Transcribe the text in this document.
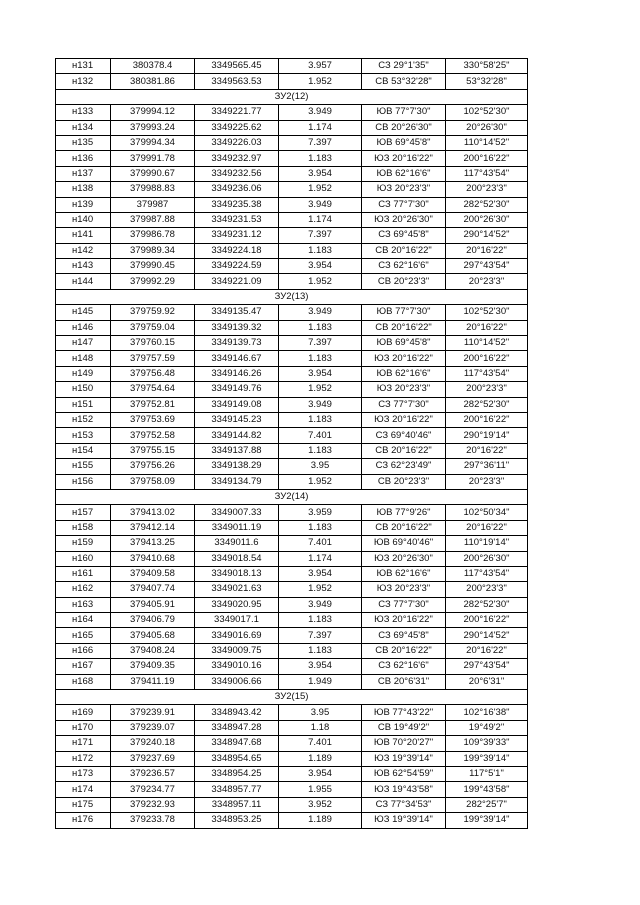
н131	380378.4	3349565.45	3.957	СЗ 29°1'35"	330°58'25"
н132	380381.86	3349563.53	1.952	СВ 53°32'28"	53°32'28"
ЗУ2(12)					
н133	379994.12	3349221.77	3.949	ЮВ 77°7'30"	102°52'30"
н134	379993.24	3349225.62	1.174	СВ 20°26'30"	20°26'30"
н135	379994.34	3349226.03	7.397	ЮВ 69°45'8"	110°14'52"
н136	379991.78	3349232.97	1.183	ЮЗ 20°16'22"	200°16'22"
н137	379990.67	3349232.56	3.954	ЮВ 62°16'6"	117°43'54"
н138	379988.83	3349236.06	1.952	ЮЗ 20°23'3"	200°23'3"
н139	379987	3349235.38	3.949	СЗ 77°7'30"	282°52'30"
н140	379987.88	3349231.53	1.174	ЮЗ 20°26'30"	200°26'30"
н141	379986.78	3349231.12	7.397	СЗ 69°45'8"	290°14'52"
н142	379989.34	3349224.18	1.183	СВ 20°16'22"	20°16'22"
н143	379990.45	3349224.59	3.954	СЗ 62°16'6"	297°43'54"
н144	379992.29	3349221.09	1.952	СВ 20°23'3"	20°23'3"
ЗУ2(13)					
н145	379759.92	3349135.47	3.949	ЮВ 77°7'30"	102°52'30"
н146	379759.04	3349139.32	1.183	СВ 20°16'22"	20°16'22"
н147	379760.15	3349139.73	7.397	ЮВ 69°45'8"	110°14'52"
н148	379757.59	3349146.67	1.183	ЮЗ 20°16'22"	200°16'22"
н149	379756.48	3349146.26	3.954	ЮВ 62°16'6"	117°43'54"
н150	379754.64	3349149.76	1.952	ЮЗ 20°23'3"	200°23'3"
н151	379752.81	3349149.08	3.949	СЗ 77°7'30"	282°52'30"
н152	379753.69	3349145.23	1.183	ЮЗ 20°16'22"	200°16'22"
н153	379752.58	3349144.82	7.401	СЗ 69°40'46"	290°19'14"
н154	379755.15	3349137.88	1.183	СВ 20°16'22"	20°16'22"
н155	379756.26	3349138.29	3.95	СЗ 62°23'49"	297°36'11"
н156	379758.09	3349134.79	1.952	СВ 20°23'3"	20°23'3"
ЗУ2(14)					
н157	379413.02	3349007.33	3.959	ЮВ 77°9'26"	102°50'34"
н158	379412.14	3349011.19	1.183	СВ 20°16'22"	20°16'22"
н159	379413.25	3349011.6	7.401	ЮВ 69°40'46"	110°19'14"
н160	379410.68	3349018.54	1.174	ЮЗ 20°26'30"	200°26'30"
н161	379409.58	3349018.13	3.954	ЮВ 62°16'6"	117°43'54"
н162	379407.74	3349021.63	1.952	ЮЗ 20°23'3"	200°23'3"
н163	379405.91	3349020.95	3.949	СЗ 77°7'30"	282°52'30"
н164	379406.79	3349017.1	1.183	ЮЗ 20°16'22"	200°16'22"
н165	379405.68	3349016.69	7.397	СЗ 69°45'8"	290°14'52"
н166	379408.24	3349009.75	1.183	СВ 20°16'22"	20°16'22"
н167	379409.35	3349010.16	3.954	СЗ 62°16'6"	297°43'54"
н168	379411.19	3349006.66	1.949	СВ 20°6'31"	20°6'31"
ЗУ2(15)					
н169	379239.91	3348943.42	3.95	ЮВ 77°43'22"	102°16'38"
н170	379239.07	3348947.28	1.18	СВ 19°49'2"	19°49'2"
н171	379240.18	3348947.68	7.401	ЮВ 70°20'27"	109°39'33"
н172	379237.69	3348954.65	1.189	ЮЗ 19°39'14"	199°39'14"
н173	379236.57	3348954.25	3.954	ЮВ 62°54'59"	117°5'1"
н174	379234.77	3348957.77	1.955	ЮЗ 19°43'58"	199°43'58"
н175	379232.93	3348957.11	3.952	СЗ 77°34'53"	282°25'7"
н176	379233.78	3348953.25	1.189	ЮЗ 19°39'14"	199°39'14"
